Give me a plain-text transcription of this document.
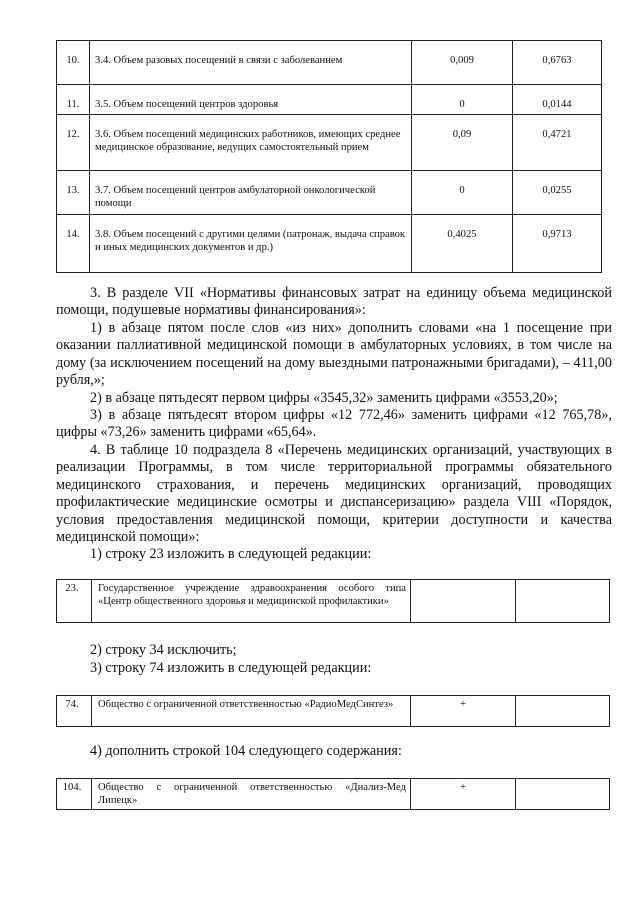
10.	3.4. Объем разовых посещений в связи с заболеванием	0,009	0,6763
11.	3.5. Объем посещений центров здоровья	0	0,0144
12.	3.6. Объем посещений медицинских работников, имеющих среднее медицинское образование, ведущих самостоятельный прием	0,09	0,4721
13.	3.7. Объем посещений центров амбулаторной онкологической помощи	0	0,0255
14.	3.8. Объем посещений с другими целями (патронаж, выдача справок и иных медицинских документов и др.)	0,4025	0,9713

3. В разделе VII «Нормативы финансовых затрат на единицу объема медицинской помощи, подушевые нормативы финансирования»:

1) в абзаце пятом после слов «из них» дополнить словами «на 1 посещение при оказании паллиативной медицинской помощи в амбулаторных условиях, в том числе на дому (за исключением посещений на дому выездными патронажными бригадами), – 411,00 рубля,»;

2) в абзаце пятьдесят первом цифры «3545,32» заменить цифрами «3553,20»;

3) в абзаце пятьдесят втором цифры «12 772,46» заменить цифрами «12 765,78», цифры «73,26» заменить цифрами «65,64».

4. В таблице 10 подраздела 8 «Перечень медицинских организаций, участвующих в реализации Программы, в том числе территориальной программы обязательного медицинского страхования, и перечень медицинских организаций, проводящих профилактические медицинские осмотры и диспансеризацию» раздела VIII «Порядок, условия предоставления медицинской помощи, критерии доступности и качества медицинской помощи»:

1) строку 23 изложить в следующей редакции:

23.	Государственное учреждение здравоохранения особого типа «Центр общественного здоровья и медицинской профилактики»		

2) строку 34 исключить;

3) строку 74 изложить в следующей редакции:

74.	Общество с ограниченной ответственностью «РадиоМедСинтез»	+	

4) дополнить строкой 104 следующего содержания:

104.	Общество с ограниченной ответственностью «Диализ-Мед Липецк»	+	
